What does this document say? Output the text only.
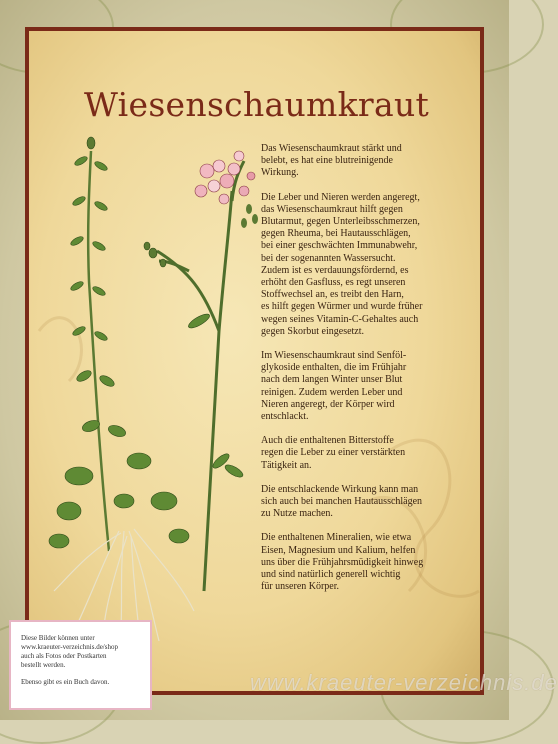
Wiesenschaumkraut

Das Wiesenschaumkraut stärkt und
belebt, es hat eine blutreinigende
Wirkung.

Die Leber und Nieren werden angeregt,
das Wiesenschaumkraut hilft gegen
Blutarmut, gegen Unterleibsschmerzen,
gegen Rheuma, bei Hautausschlägen,
bei einer geschwächten Immunabwehr,
bei der sogenannten Wassersucht.
Zudem ist es verdauungsfördernd, es
erhöht den Gasfluss, es regt unseren
Stoffwechsel an, es treibt den Harn,
es hilft gegen Würmer und wurde früher
wegen seines Vitamin-C-Gehaltes auch
gegen Skorbut eingesetzt.

Im Wiesenschaumkraut sind Senföl-
glykoside enthalten, die im Frühjahr
nach dem langen Winter unser Blut
reinigen. Zudem werden Leber und
Nieren angeregt, der Körper wird
entschlackt.

Auch die enthaltenen Bitterstoffe
regen die Leber zu einer verstärkten
Tätigkeit an.

Die entschlackende Wirkung kann man
sich auch bei manchen Hautausschlägen
zu Nutze machen.

Die enthaltenen Mineralien, wie etwa
Eisen, Magnesium und Kalium, helfen
uns über die Frühjahrsmüdigkeit hinweg
und sind natürlich generell wichtig
für unseren Körper.

Diese Bilder können unter
www.kraeuter-verzeichnis.de/shop
auch als Fotos oder Postkarten
bestellt werden.
Ebenso gibt es ein Buch davon.	www.kraeuter-verzeichnis.de
